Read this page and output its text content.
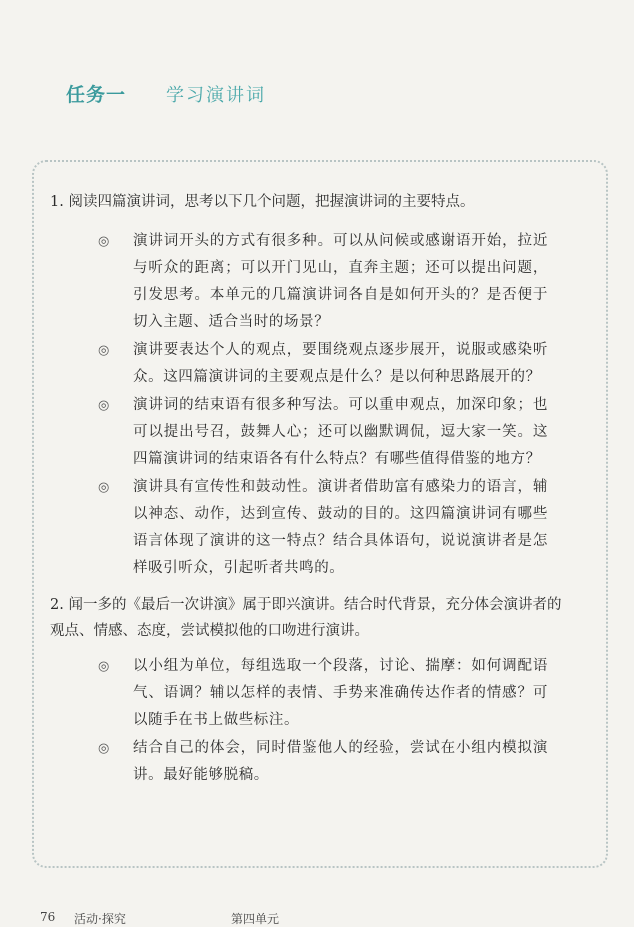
任务一 学习演讲词
1. 阅读四篇演讲词，思考以下几个问题，把握演讲词的主要特点。
◎	演讲词开头的方式有很多种。可以从问候或感谢语开始，拉近与听众的距离；可以开门见山，直奔主题；还可以提出问题，引发思考。本单元的几篇演讲词各自是如何开头的？是否便于切入主题、适合当时的场景？
◎	演讲要表达个人的观点，要围绕观点逐步展开，说服或感染听众。这四篇演讲词的主要观点是什么？是以何种思路展开的？
◎	演讲词的结束语有很多种写法。可以重申观点，加深印象；也可以提出号召，鼓舞人心；还可以幽默调侃，逗大家一笑。这四篇演讲词的结束语各有什么特点？有哪些值得借鉴的地方？
◎	演讲具有宣传性和鼓动性。演讲者借助富有感染力的语言，辅以神态、动作，达到宣传、鼓动的目的。这四篇演讲词有哪些语言体现了演讲的这一特点？结合具体语句，说说演讲者是怎样吸引听众，引起听者共鸣的。
2. 闻一多的《最后一次讲演》属于即兴演讲。结合时代背景，充分体会演讲者的观点、情感、态度，尝试模拟他的口吻进行演讲。
◎	以小组为单位，每组选取一个段落，讨论、揣摩：如何调配语气、语调？辅以怎样的表情、手势来准确传达作者的情感？可以随手在书上做些标注。
◎	结合自己的体会，同时借鉴他人的经验，尝试在小组内模拟演讲。最好能够脱稿。
76 活动·探究	第四单元
